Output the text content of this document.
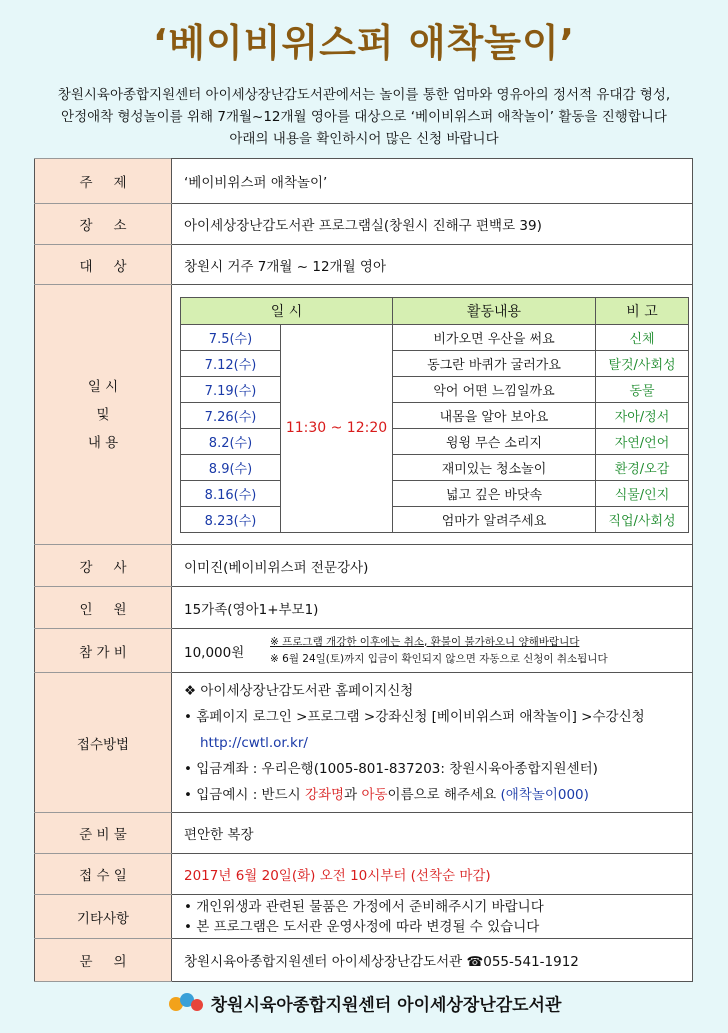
‘베이비위스퍼 애착놀이’
창원시육아종합지원센터 아이세상장난감도서관에서는 놀이를 통한 엄마와 영유아의 정서적 유대감 형성,
안정애착 형성놀이를 위해 7개월~12개월 영아를 대상으로 ‘베이비위스퍼 애착놀이’ 활동을 진행합니다
아래의 내용을 확인하시어 많은 신청 바랍니다
주 제	‘베이비위스퍼 애착놀이’
장 소	아이세상장난감도서관 프로그램실(창원시 진해구 편백로 39)
대 상	창원시 거주 7개월 ~ 12개월 영아

일 시
및
내 용

일 시	활동내용	비 고
7.5(수)	11:30 ~ 12:20	비가오면 우산을 써요	신체
7.12(수)	동그란 바퀴가 굴러가요	탈것/사회성
7.19(수)	악어 어떤 느낌일까요	동물
7.26(수)	내몸을 알아 보아요	자아/정서
8.2(수)	윙윙 무슨 소리지	자연/언어
8.9(수)	재미있는 청소놀이	환경/오감
8.16(수)	넓고 깊은 바닷속	식물/인지
8.23(수)	엄마가 알려주세요	직업/사회성

강 사	이미진(베이비위스퍼 전문강사)
인 원	15가족(영아1+부모1)
참 가 비	10,000원
※ 프로그램 개강한 이후에는 취소, 환불이 불가하오니 양해바랍니다
※ 6월 24일(토)까지 입금이 확인되지 않으면 자동으로 신청이 취소됩니다

접수방법	
❖ 아이세상장난감도서관 홈페이지신청
• 홈페이지 로그인 >프로그램 >강좌신청 [베이비위스퍼 애착놀이] >수강신청
http://cwtl.or.kr/
• 입금계좌 : 우리은행(1005-801-837203: 창원시육아종합지원센터)
• 입금예시 : 반드시 강좌명과 아동이름으로 해주세요 (애착놀이000)

준 비 물	편안한 복장
접 수 일	2017년 6월 20일(화) 오전 10시부터 (선착순 마감)
기타사항	
• 개인위생과 관련된 물품은 가정에서 준비해주시기 바랍니다
• 본 프로그램은 도서관 운영사정에 따라 변경될 수 있습니다

문 의	창원시육아종합지원센터 아이세상장난감도서관 ☎055-541-1912
창원시육아종합지원센터 아이세상장난감도서관
